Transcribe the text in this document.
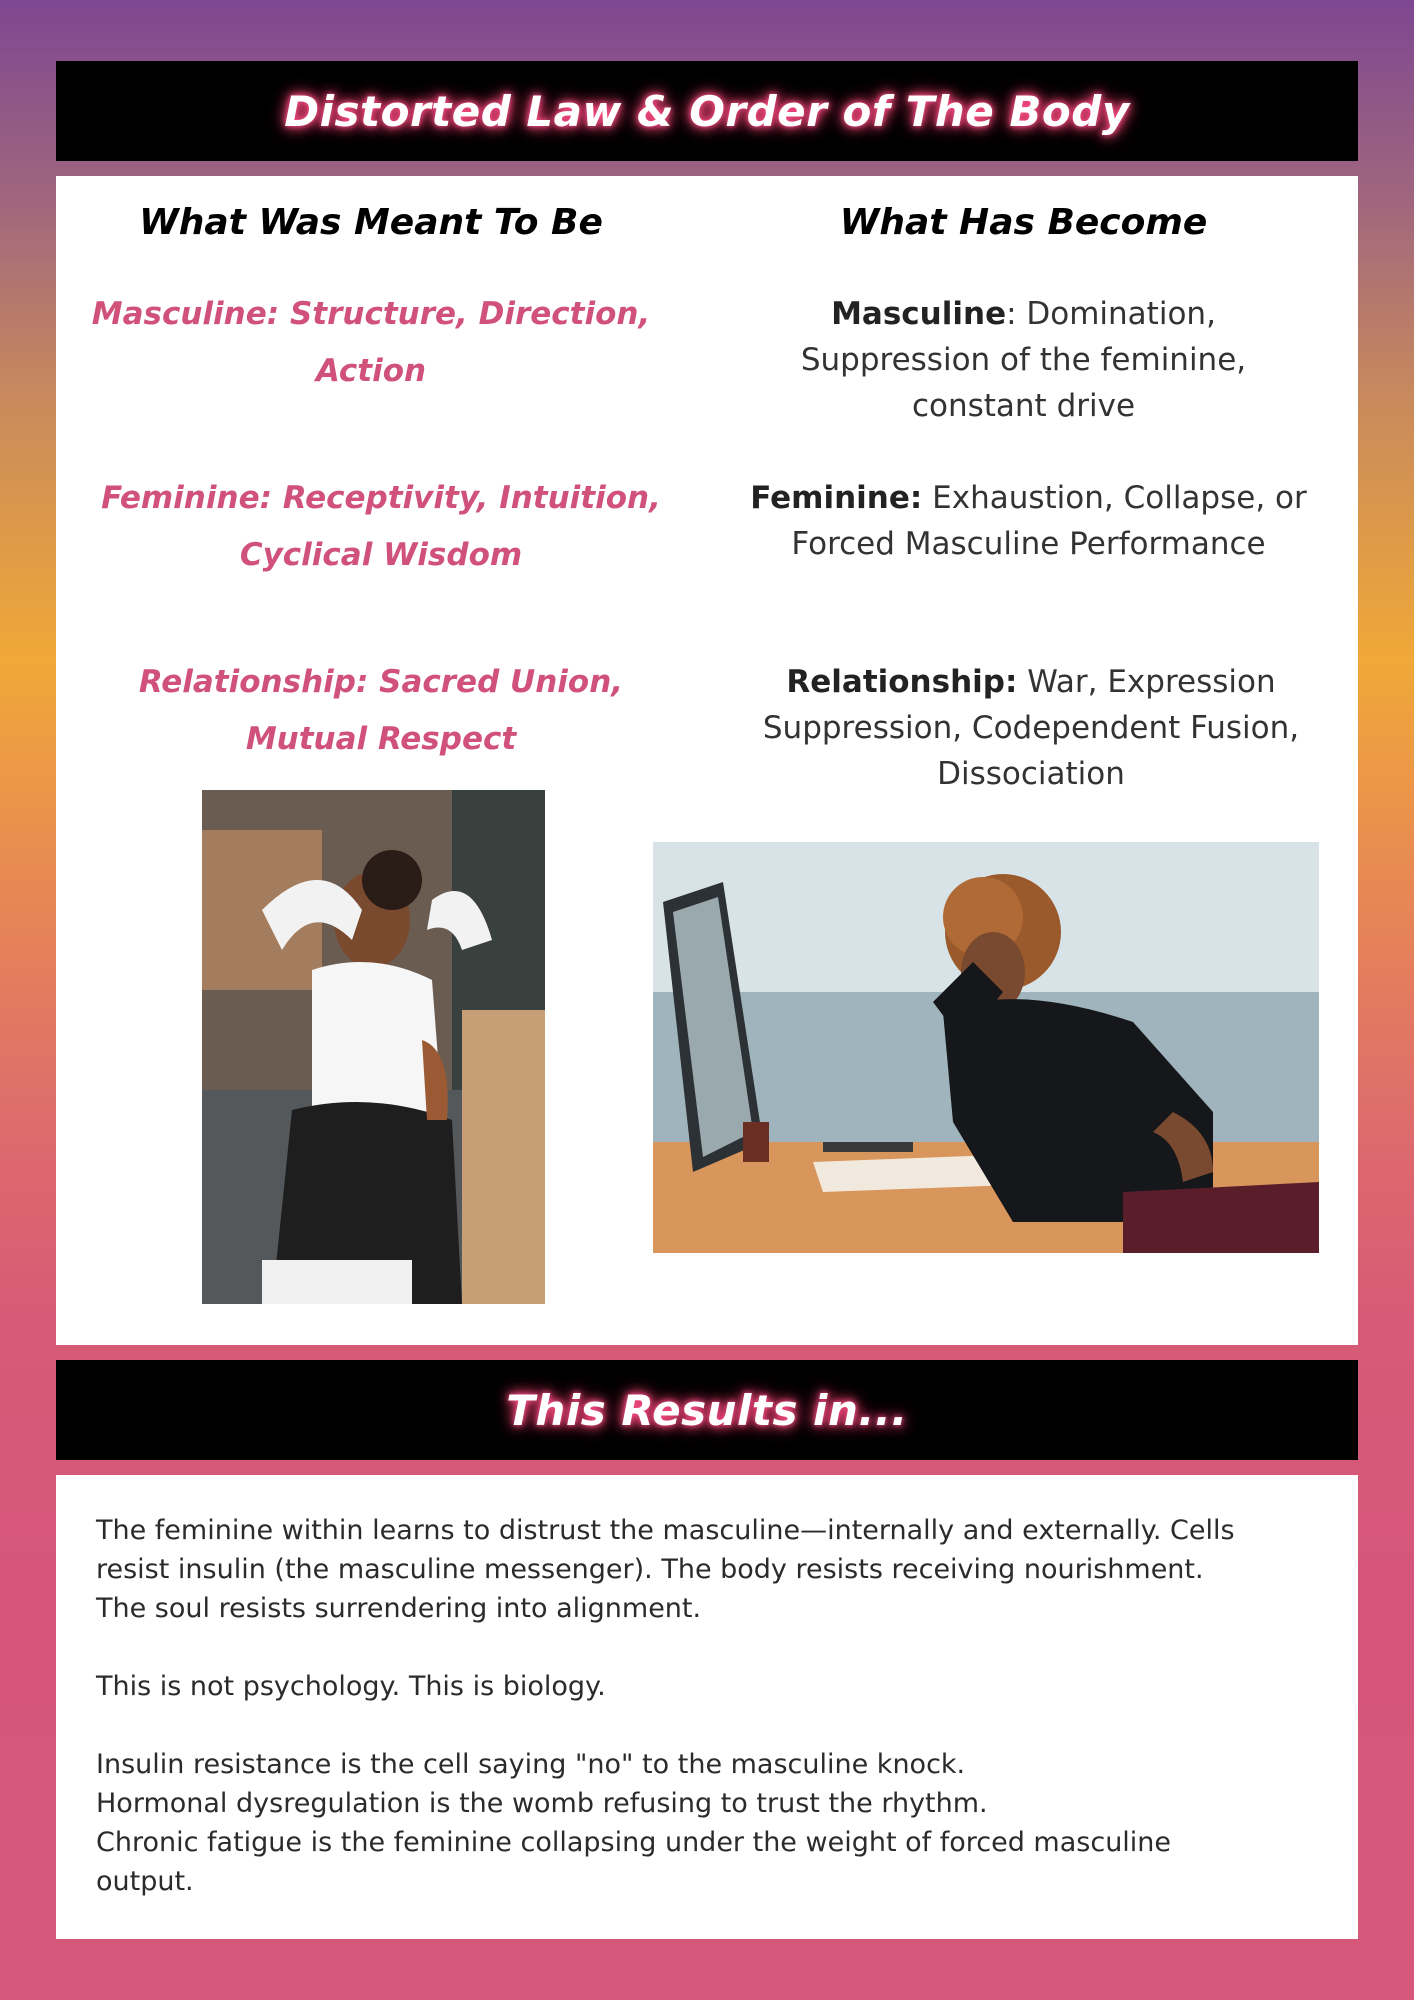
Distorted Law & Order of The Body
What Was Meant To Be	What Has Become
Masculine: Structure, Direction,
Action
Feminine: Receptivity, Intuition,
Cyclical Wisdom
Relationship: Sacred Union,
Mutual Respect
Masculine: Domination,
Suppression of the feminine,
constant drive
Feminine: Exhaustion, Collapse, or
Forced Masculine Performance
Relationship: War, Expression
Suppression, Codependent Fusion,
Dissociation
This Results in...

The feminine within learns to distrust the masculine—internally and externally. Cells
resist insulin (the masculine messenger). The body resists receiving nourishment.
The soul resists surrendering into alignment.

This is not psychology. This is biology.

Insulin resistance is the cell saying "no" to the masculine knock.
Hormonal dysregulation is the womb refusing to trust the rhythm.
Chronic fatigue is the feminine collapsing under the weight of forced masculine
output.
